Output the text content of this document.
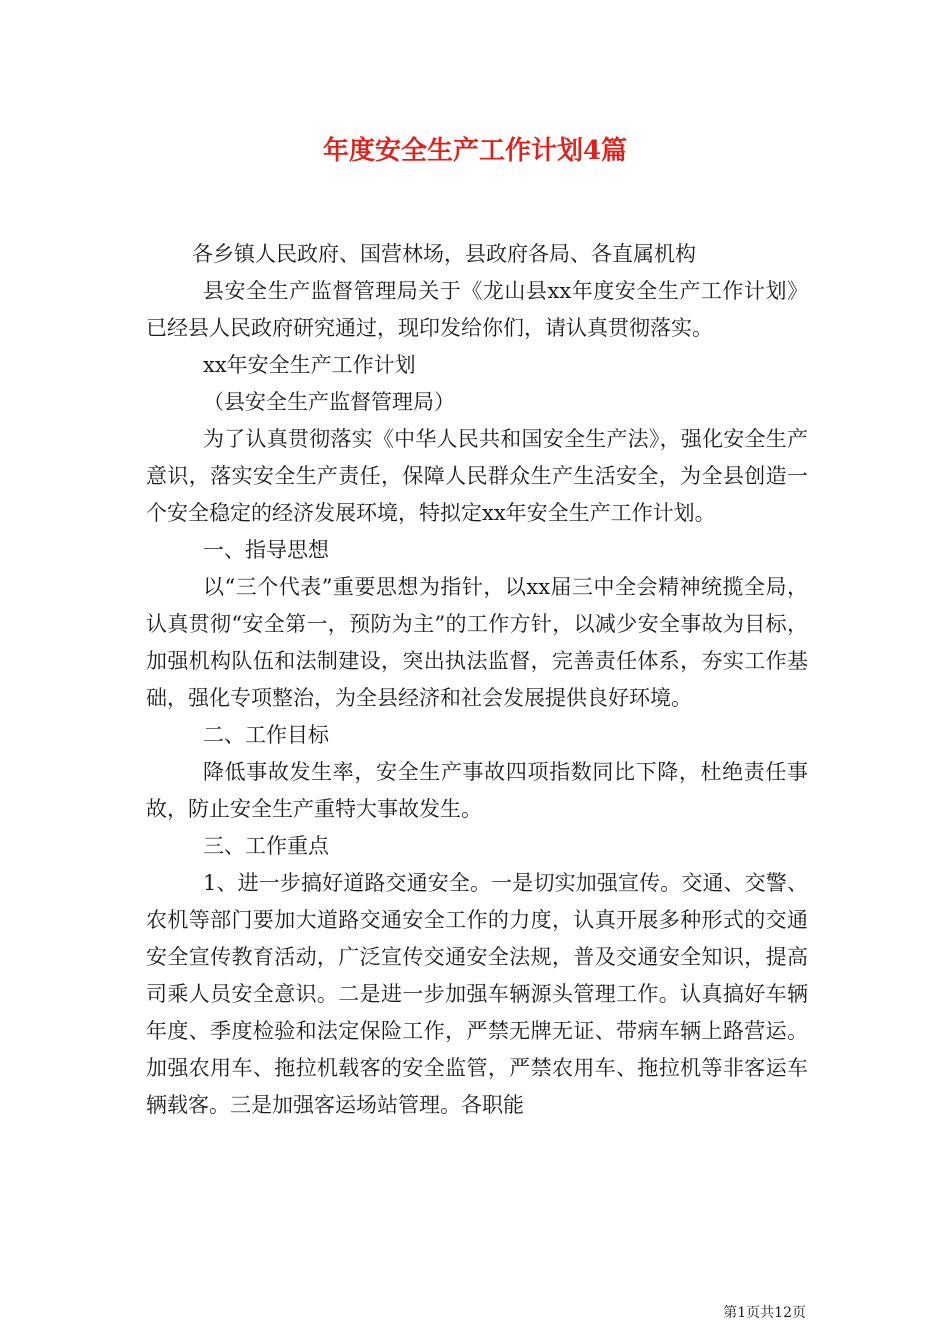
年度安全生产工作计划4篇

各乡镇人民政府、国营林场，县政府各局、各直属机构

县安全生产监督管理局关于《龙山县xx年度安全生产工作计划》已经县人民政府研究通过，现印发给你们，请认真贯彻落实。

xx年安全生产工作计划

（县安全生产监督管理局）

为了认真贯彻落实《中华人民共和国安全生产法》，强化安全生产意识，落实安全生产责任，保障人民群众生产生活安全，为全县创造一个安全稳定的经济发展环境，特拟定xx年安全生产工作计划。

一、指导思想

以“三个代表”重要思想为指针，以xx届三中全会精神统揽全局，认真贯彻“安全第一，预防为主”的工作方针，以减少安全事故为目标，加强机构队伍和法制建设，突出执法监督，完善责任体系，夯实工作基础，强化专项整治，为全县经济和社会发展提供良好环境。

二、工作目标

降低事故发生率，安全生产事故四项指数同比下降，杜绝责任事故，防止安全生产重特大事故发生。

三、工作重点

1、进一步搞好道路交通安全。一是切实加强宣传。交通、交警、农机等部门要加大道路交通安全工作的力度，认真开展多种形式的交通安全宣传教育活动，广泛宣传交通安全法规，普及交通安全知识，提高司乘人员安全意识。二是进一步加强车辆源头管理工作。认真搞好车辆年度、季度检验和法定保险工作，严禁无牌无证、带病车辆上路营运。加强农用车、拖拉机载客的安全监管，严禁农用车、拖拉机等非客运车辆载客。三是加强客运场站管理。各职能

第1页共12页
